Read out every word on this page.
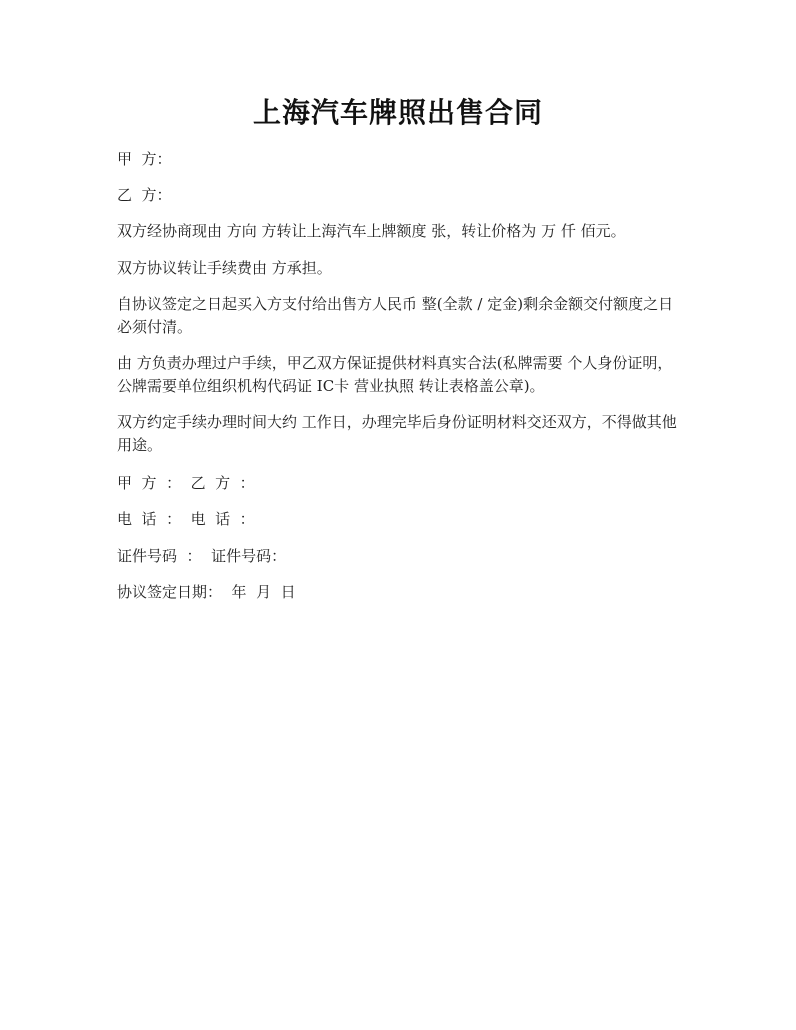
上海汽车牌照出售合同

甲  方：

乙  方：

双方经协商现由 方向 方转让上海汽车上牌额度 张，转让价格为 万 仟 佰元。

双方协议转让手续费由 方承担。

自协议签定之日起买入方支付给出售方人民币 整(全款 / 定金)剩余金额交付额度之日必须付清。

由 方负责办理过户手续，甲乙双方保证提供材料真实合法(私牌需要 个人身份证明，公牌需要单位组织机构代码证 IC卡 营业执照 转让表格盖公章)。

双方约定手续办理时间大约 工作日，办理完毕后身份证明材料交还双方，不得做其他用途。

甲  方  ：  乙  方  ：

电  话  ：  电  话  ：

证件号码  ：  证件号码：

协议签定日期：  年  月  日
